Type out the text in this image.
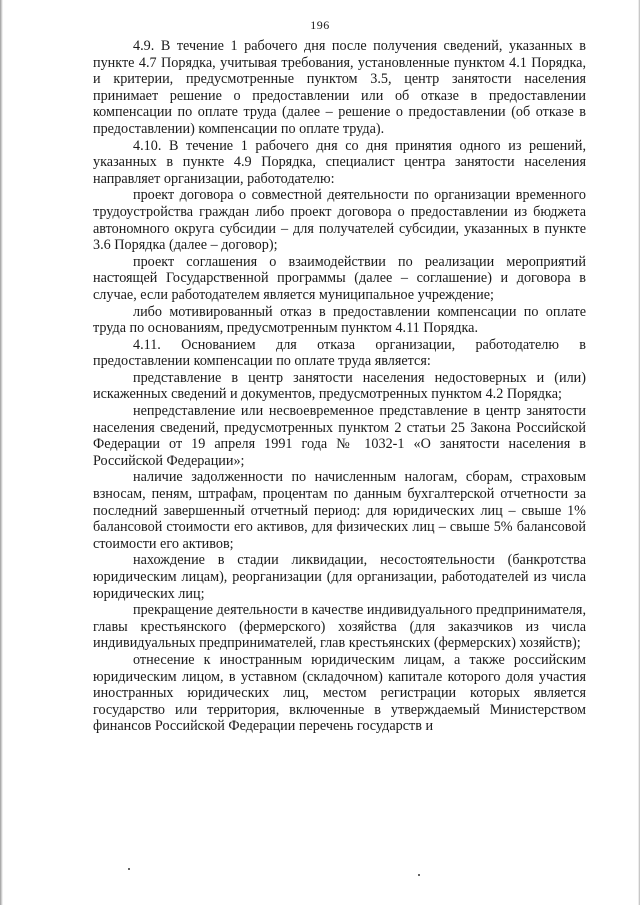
196

4.9. В течение 1 рабочего дня после получения сведений, указанных в пункте 4.7 Порядка, учитывая требования, установленные пунктом 4.1 Порядка, и критерии, предусмотренные пунктом 3.5, центр занятости населения принимает решение о предоставлении или об отказе в предоставлении компенсации по оплате труда (далее – решение о предоставлении (об отказе в предоставлении) компенсации по оплате труда).

4.10. В течение 1 рабочего дня со дня принятия одного из решений, указанных в пункте 4.9 Порядка, специалист центра занятости населения направляет организации, работодателю:

проект договора о совместной деятельности по организации временного трудоустройства граждан либо проект договора о предоставлении из бюджета автономного округа субсидии – для получателей субсидии, указанных в пункте 3.6 Порядка (далее – договор);

проект соглашения о взаимодействии по реализации мероприятий настоящей Государственной программы (далее – соглашение) и договора в случае, если работодателем является муниципальное учреждение;

либо мотивированный отказ в предоставлении компенсации по оплате труда по основаниям, предусмотренным пунктом 4.11 Порядка.

4.11. Основанием для отказа организации, работодателю в предоставлении компенсации по оплате труда является:

представление в центр занятости населения недостоверных и (или) искаженных сведений и документов, предусмотренных пунктом 4.2 Порядка;

непредставление или несвоевременное представление в центр занятости населения сведений, предусмотренных пунктом 2 статьи 25 Закона Российской Федерации от 19 апреля 1991 года № 1032-1 «О занятости населения в Российской Федерации»;

наличие задолженности по начисленным налогам, сборам, страховым взносам, пеням, штрафам, процентам по данным бухгалтерской отчетности за последний завершенный отчетный период: для юридических лиц – свыше 1% балансовой стоимости его активов, для физических лиц – свыше 5% балансовой стоимости его активов;

нахождение в стадии ликвидации, несостоятельности (банкротства юридическим лицам), реорганизации (для организации, работодателей из числа юридических лиц;

прекращение деятельности в качестве индивидуального предпринимателя, главы крестьянского (фермерского) хозяйства (для заказчиков из числа индивидуальных предпринимателей, глав крестьянских (фермерских) хозяйств);

отнесение к иностранным юридическим лицам, а также российским юридическим лицом, в уставном (складочном) капитале которого доля участия иностранных юридических лиц, местом регистрации которых является государство или территория, включенные в утверждаемый Министерством финансов Российской Федерации перечень государств и
